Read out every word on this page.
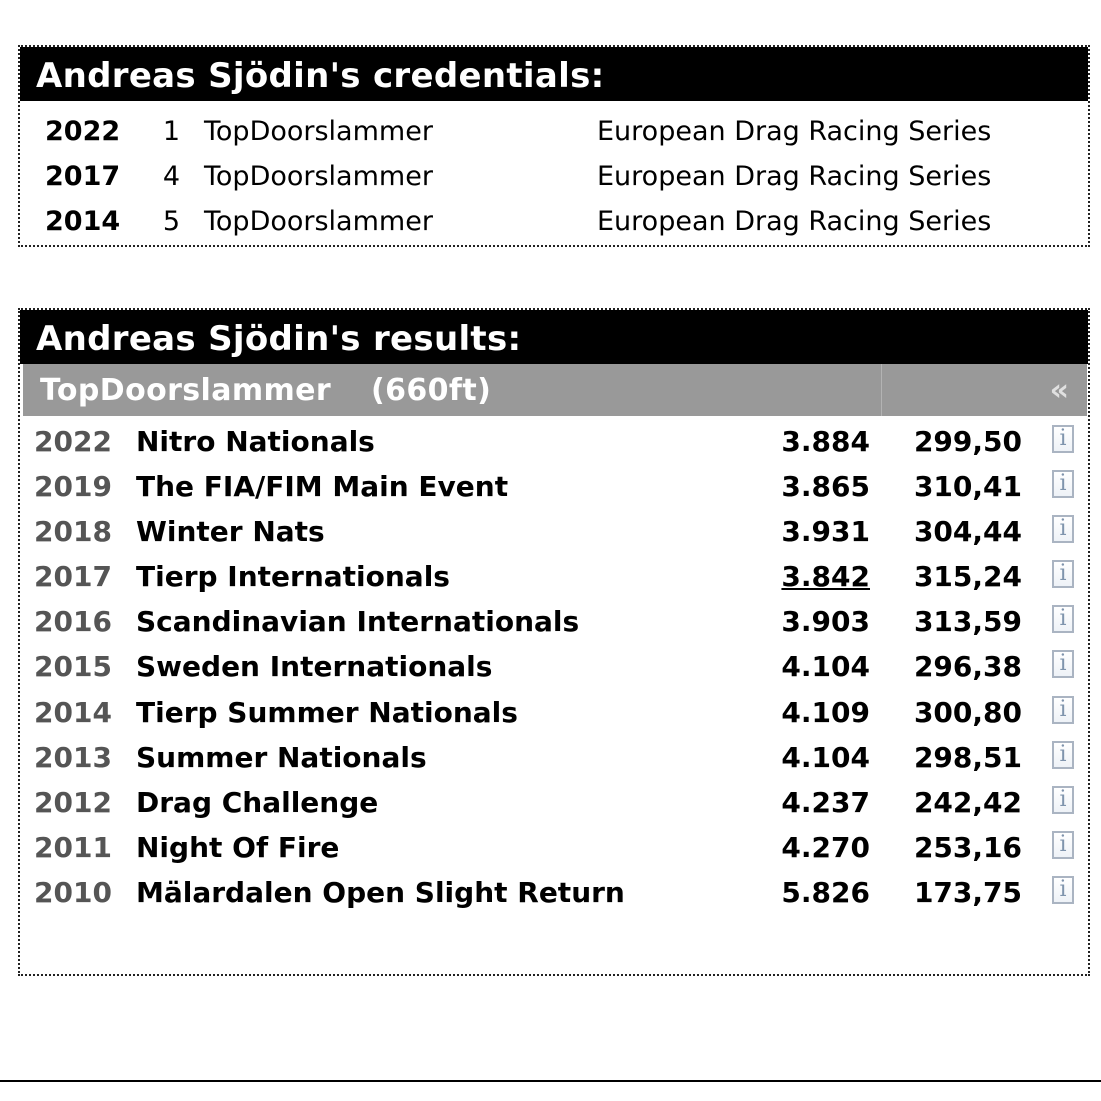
Andreas Sjödin's credentials:
2022	1 TopDoorslammer	European Drag Racing Series
2017	4 TopDoorslammer	European Drag Racing Series
2014	5 TopDoorslammer	European Drag Racing Series
Andreas Sjödin's results:
TopDoorslammer (660ft)	«
2022 Nitro Nationals	3.884	299,50	i
2019 The FIA/FIM Main Event	3.865	310,41	i
2018 Winter Nats	3.931	304,44	i
2017 Tierp Internationals	3.842	315,24	i
2016 Scandinavian Internationals	3.903	313,59	i
2015 Sweden Internationals	4.104	296,38	i
2014 Tierp Summer Nationals	4.109	300,80	i
2013 Summer Nationals	4.104	298,51	i
2012 Drag Challenge	4.237	242,42	i
2011 Night Of Fire	4.270	253,16	i
2010 Mälardalen Open Slight Return	5.826	173,75	i
